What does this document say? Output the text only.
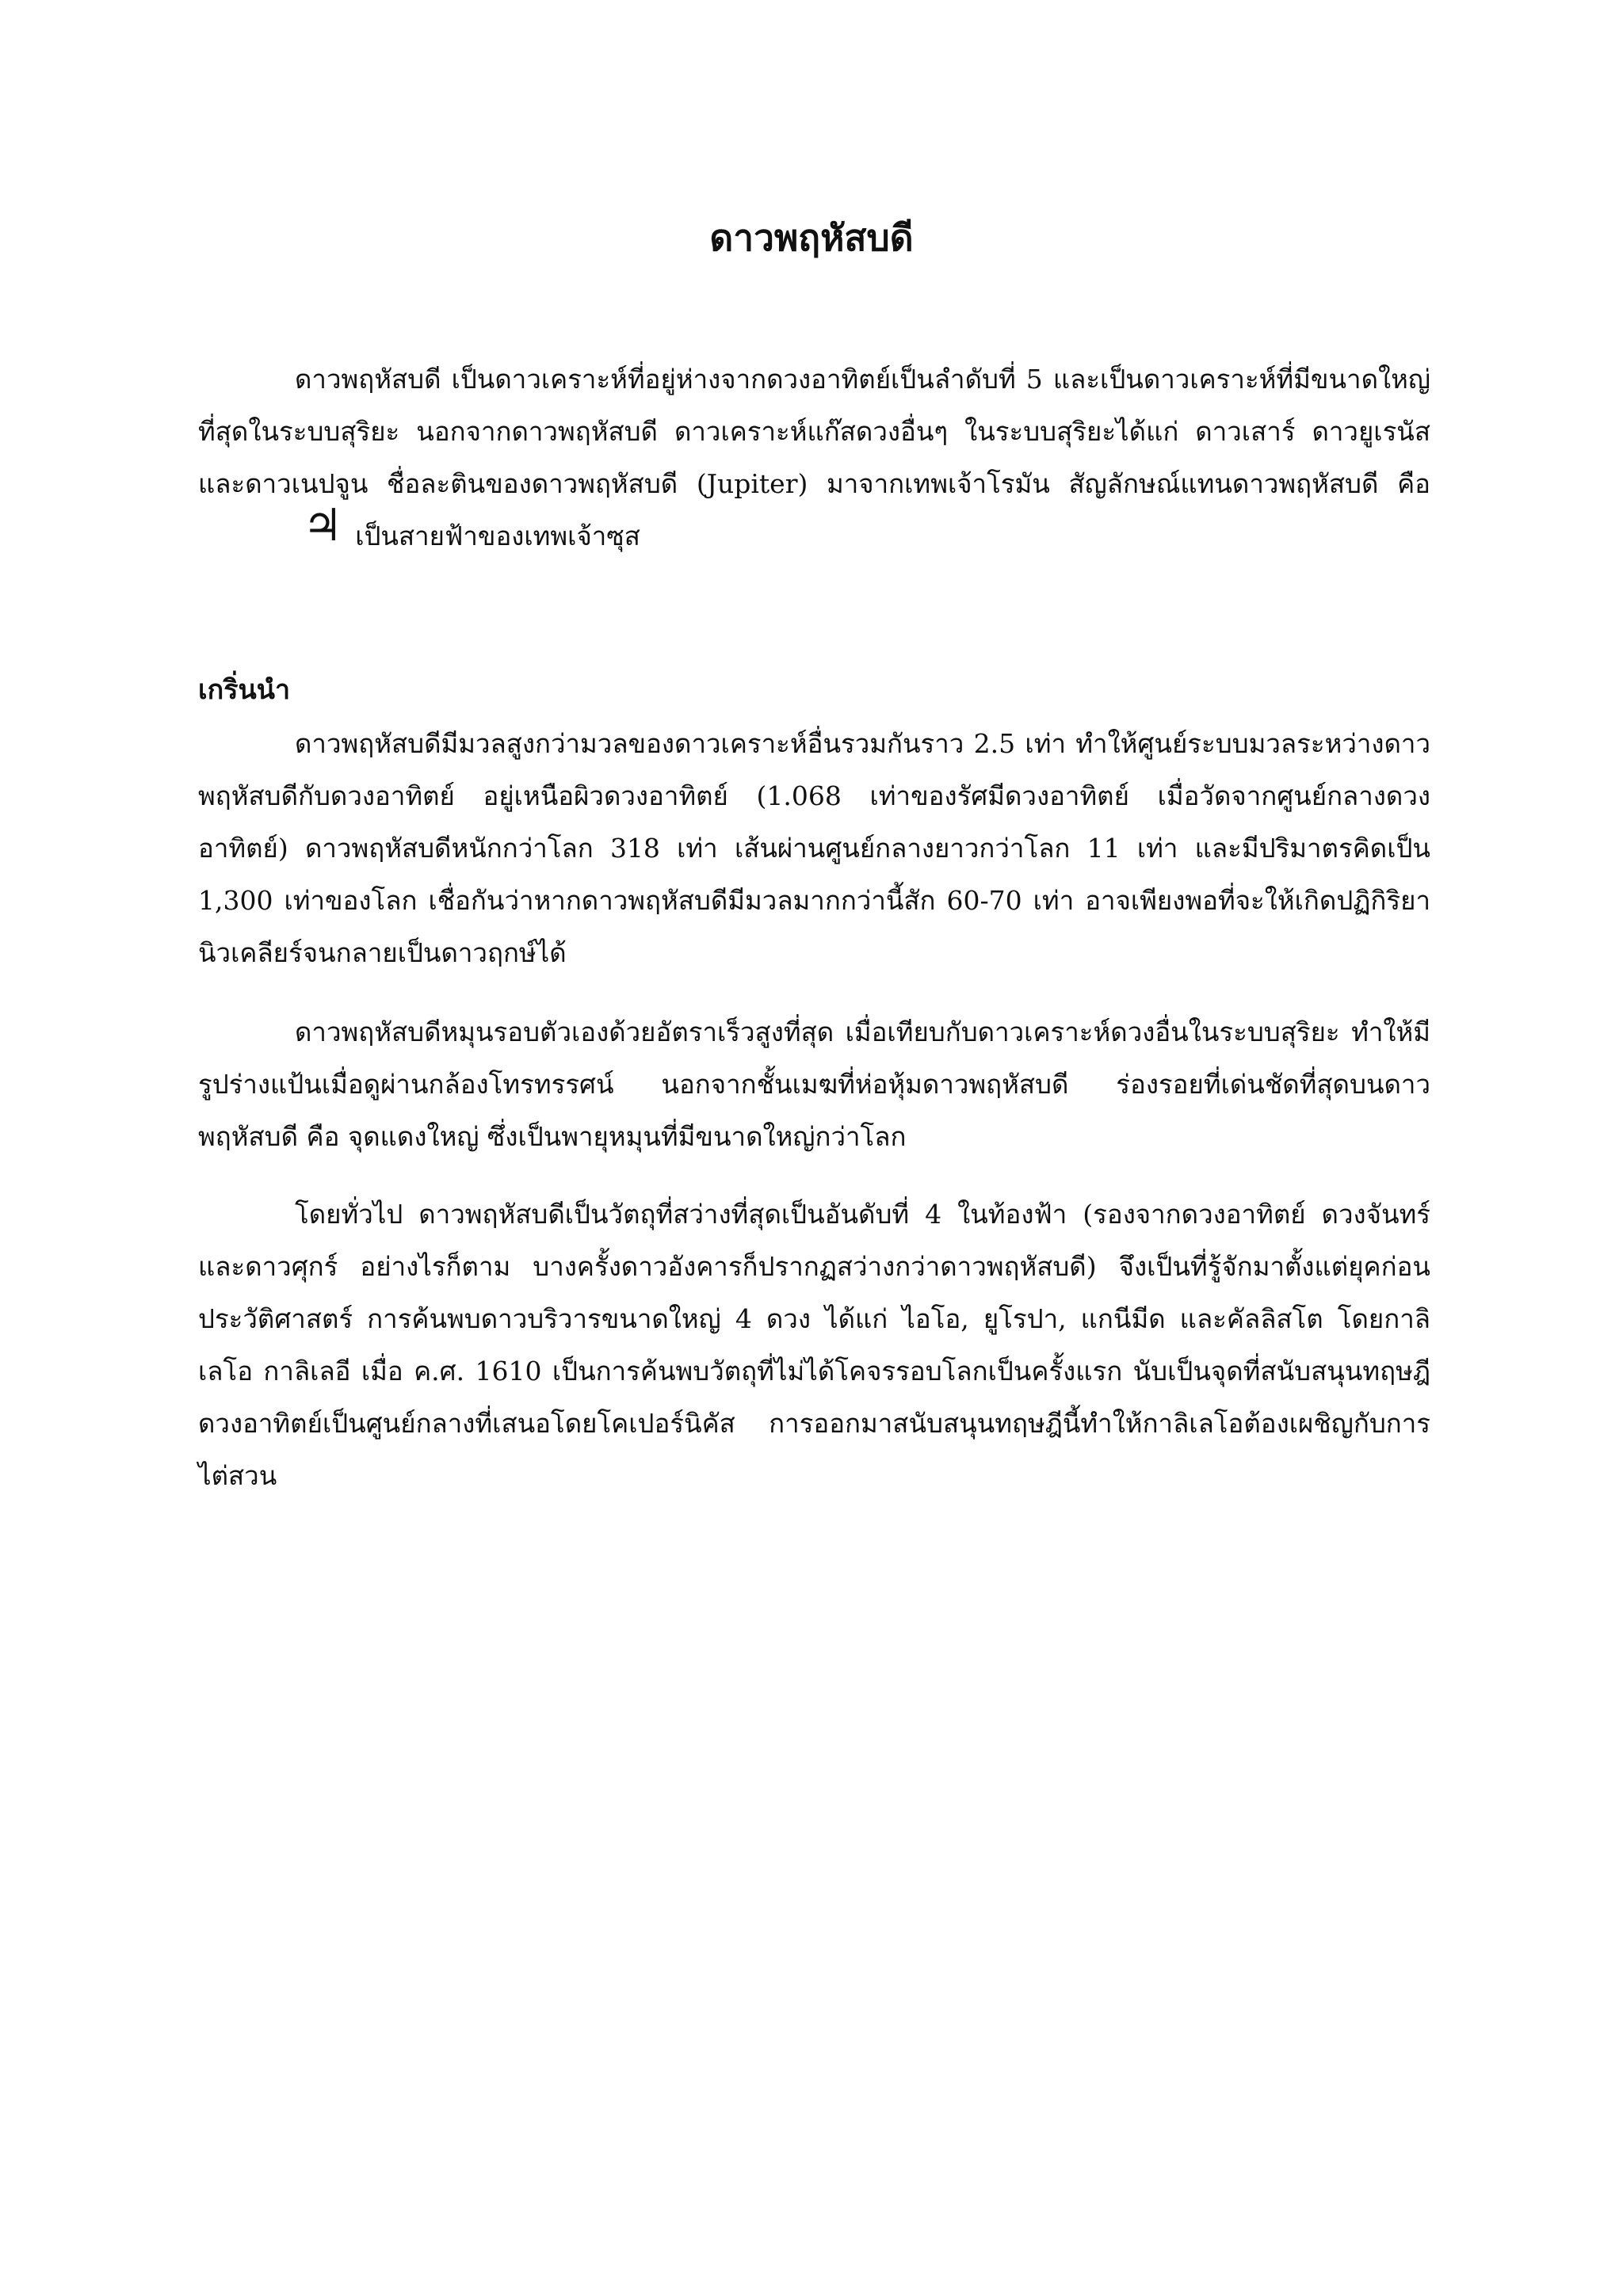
ดาวพฤหัสบดี

ดาวพฤหัสบดี เป็นดาวเคราะห์ที่อยู่ห่างจากดวงอาทิตย์เป็นลำดับที่ 5 และเป็นดาวเคราะห์ที่มีขนาดใหญ่ที่สุดในระบบสุริยะ นอกจากดาวพฤหัสบดี ดาวเคราะห์แก๊สดวงอื่นๆ ในระบบสุริยะได้แก่ ดาวเสาร์ ดาวยูเรนัส และดาวเนปจูน ชื่อละตินของดาวพฤหัสบดี (Jupiter) มาจากเทพเจ้าโรมัน สัญลักษณ์แทนดาวพฤหัสบดี คือ♃ เป็นสายฟ้าของเทพเจ้าซุส

เกริ่นนำ

ดาวพฤหัสบดีมีมวลสูงกว่ามวลของดาวเคราะห์อื่นรวมกันราว 2.5 เท่า ทำให้ศูนย์ระบบมวลระหว่างดาวพฤหัสบดีกับดวงอาทิตย์ อยู่เหนือผิวดวงอาทิตย์ (1.068 เท่าของรัศมีดวงอาทิตย์ เมื่อวัดจากศูนย์กลางดวงอาทิตย์) ดาวพฤหัสบดีหนักกว่าโลก 318 เท่า เส้นผ่านศูนย์กลางยาวกว่าโลก 11 เท่า และมีปริมาตรคิดเป็น 1,300 เท่าของโลก เชื่อกันว่าหากดาวพฤหัสบดีมีมวลมากกว่านี้สัก 60-70 เท่า อาจเพียงพอที่จะให้เกิดปฏิกิริยานิวเคลียร์จนกลายเป็นดาวฤกษ์ได้

ดาวพฤหัสบดีหมุนรอบตัวเองด้วยอัตราเร็วสูงที่สุด เมื่อเทียบกับดาวเคราะห์ดวงอื่นในระบบสุริยะ ทำให้มีรูปร่างแป้นเมื่อดูผ่านกล้องโทรทรรศน์ นอกจากชั้นเมฆที่ห่อหุ้มดาวพฤหัสบดี ร่องรอยที่เด่นชัดที่สุดบนดาวพฤหัสบดี คือ จุดแดงใหญ่ ซึ่งเป็นพายุหมุนที่มีขนาดใหญ่กว่าโลก

โดยทั่วไป ดาวพฤหัสบดีเป็นวัตถุที่สว่างที่สุดเป็นอันดับที่ 4 ในท้องฟ้า (รองจากดวงอาทิตย์ ดวงจันทร์ และดาวศุกร์ อย่างไรก็ตาม บางครั้งดาวอังคารก็ปรากฏสว่างกว่าดาวพฤหัสบดี) จึงเป็นที่รู้จักมาตั้งแต่ยุคก่อนประวัติศาสตร์ การค้นพบดาวบริวารขนาดใหญ่ 4 ดวง ได้แก่ ไอโอ, ยูโรปา, แกนีมีด และคัลลิสโต โดยกาลิเลโอ กาลิเลอี เมื่อ ค.ศ. 1610 เป็นการค้นพบวัตถุที่ไม่ได้โคจรรอบโลกเป็นครั้งแรก นับเป็นจุดที่สนับสนุนทฤษฎีดวงอาทิตย์เป็นศูนย์กลางที่เสนอโดยโคเปอร์นิคัส การออกมาสนับสนุนทฤษฎีนี้ทำให้กาลิเลโอต้องเผชิญกับการไต่สวน
